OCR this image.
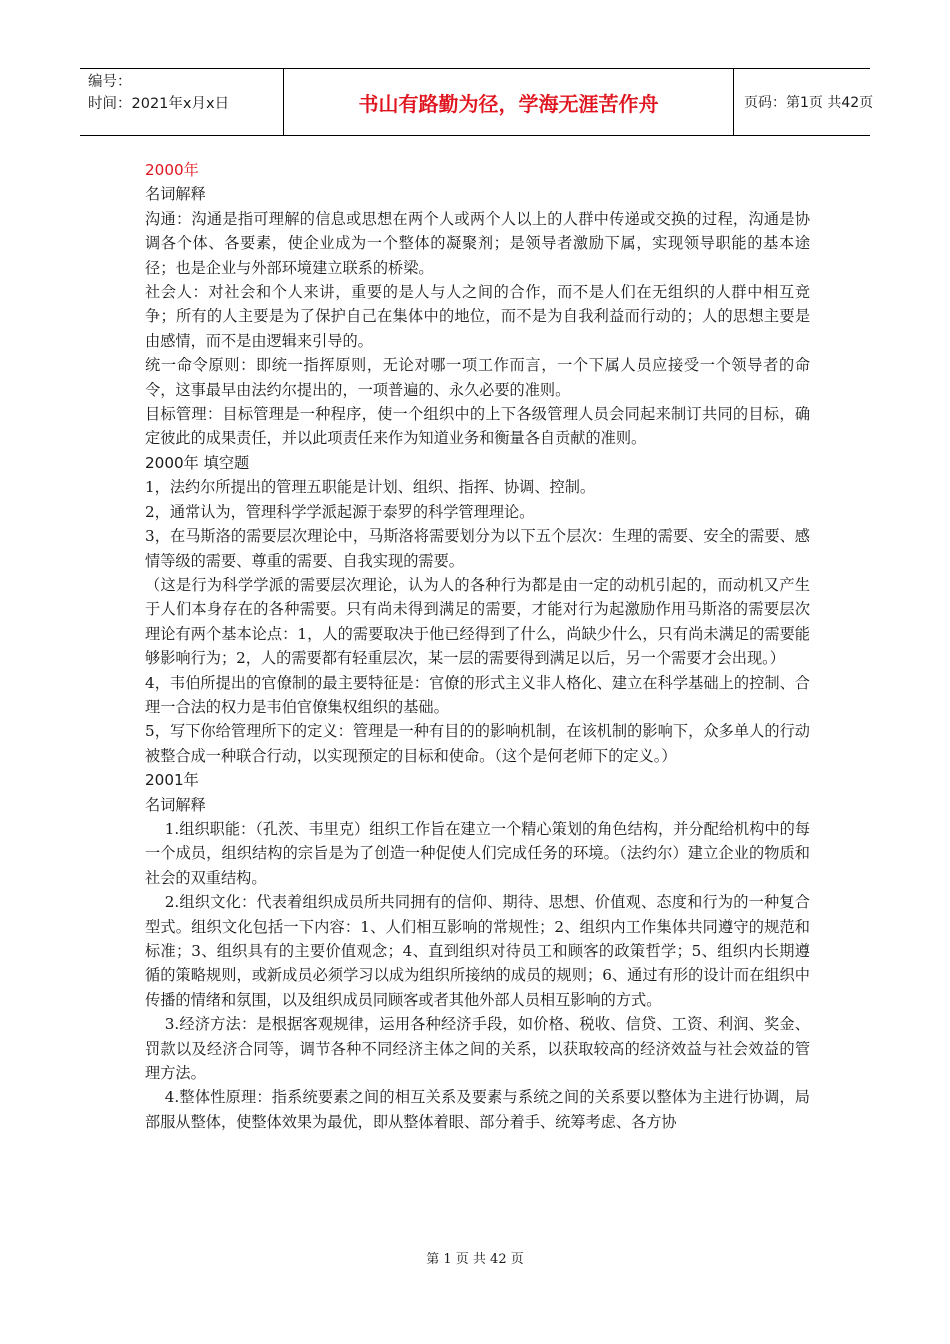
编号：
时间：2021年x月x日	书山有路勤为径，学海无涯苦作舟	页码：第1页 共42页

2000年

名词解释

沟通：沟通是指可理解的信息或思想在两个人或两个人以上的人群中传递或交换的过程，沟通是协调各个体、各要素，使企业成为一个整体的凝聚剂；是领导者激励下属，实现领导职能的基本途径；也是企业与外部环境建立联系的桥梁。

社会人：对社会和个人来讲，重要的是人与人之间的合作，而不是人们在无组织的人群中相互竞争；所有的人主要是为了保护自己在集体中的地位，而不是为自我利益而行动的；人的思想主要是由感情，而不是由逻辑来引导的。

统一命令原则：即统一指挥原则，无论对哪一项工作而言，一个下属人员应接受一个领导者的命令，这事最早由法约尔提出的，一项普遍的、永久必要的准则。

目标管理：目标管理是一种程序，使一个组织中的上下各级管理人员会同起来制订共同的目标，确定彼此的成果责任，并以此项责任来作为知道业务和衡量各自贡献的准则。

2000年 填空题

1，法约尔所提出的管理五职能是计划、组织、指挥、协调、控制。

2，通常认为，管理科学学派起源于泰罗的科学管理理论。

3，在马斯洛的需要层次理论中，马斯洛将需要划分为以下五个层次：生理的需要、安全的需要、感情等级的需要、尊重的需要、自我实现的需要。

（这是行为科学学派的需要层次理论，认为人的各种行为都是由一定的动机引起的，而动机又产生于人们本身存在的各种需要。只有尚未得到满足的需要，才能对行为起激励作用马斯洛的需要层次理论有两个基本论点：1，人的需要取决于他已经得到了什么，尚缺少什么，只有尚未满足的需要能够影响行为；2，人的需要都有轻重层次，某一层的需要得到满足以后，另一个需要才会出现。）

4，韦伯所提出的官僚制的最主要特征是：官僚的形式主义非人格化、建立在科学基础上的控制、合理一合法的权力是韦伯官僚集权组织的基础。

5，写下你给管理所下的定义：管理是一种有目的的影响机制，在该机制的影响下，众多单人的行动被整合成一种联合行动，以实现预定的目标和使命。（这个是何老师下的定义。）

2001年

名词解释

1.组织职能：（孔茨、韦里克）组织工作旨在建立一个精心策划的角色结构，并分配给机构中的每一个成员，组织结构的宗旨是为了创造一种促使人们完成任务的环境。（法约尔）建立企业的物质和社会的双重结构。

2.组织文化：代表着组织成员所共同拥有的信仰、期待、思想、价值观、态度和行为的一种复合型式。组织文化包括一下内容：1、人们相互影响的常规性；2、组织内工作集体共同遵守的规范和标准；3、组织具有的主要价值观念；4、直到组织对待员工和顾客的政策哲学；5、组织内长期遵循的策略规则，或新成员必须学习以成为组织所接纳的成员的规则；6、通过有形的设计而在组织中传播的情绪和氛围，以及组织成员同顾客或者其他外部人员相互影响的方式。

3.经济方法：是根据客观规律，运用各种经济手段，如价格、税收、信贷、工资、利润、奖金、罚款以及经济合同等，调节各种不同经济主体之间的关系，以获取较高的经济效益与社会效益的管理方法。

4.整体性原理：指系统要素之间的相互关系及要素与系统之间的关系要以整体为主进行协调，局部服从整体，使整体效果为最优，即从整体着眼、部分着手、统筹考虑、各方协

第 1 页 共 42 页
